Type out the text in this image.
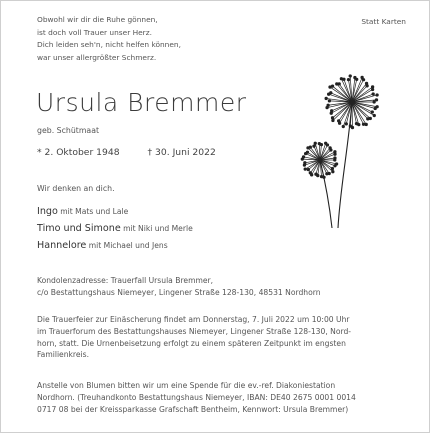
Obwohl wir dir die Ruhe gönnen,
ist doch voll Trauer unser Herz.
Dich leiden seh'n, nicht helfen können,
war unser allergrößter Schmerz.
Statt Karten
Ursula Bremmer
geb. Schütmaat
* 2. Oktober 1948	† 30. Juni 2022
Wir denken an dich.
Ingo mit Mats und Lale
Timo und Simone mit Niki und Merle
Hannelore mit Michael und Jens
Kondolenzadresse: Trauerfall Ursula Bremmer,
c/o Bestattungshaus Niemeyer, Lingener Straße 128-130, 48531 Nordhorn
Die Trauerfeier zur Einäscherung findet am Donnerstag, 7. Juli 2022 um 10:00 Uhr
im Trauerforum des Bestattungshauses Niemeyer, Lingener Straße 128-130, Nord-
horn, statt. Die Urnenbeisetzung erfolgt zu einem späteren Zeitpunkt im engsten
Familienkreis.
Anstelle von Blumen bitten wir um eine Spende für die ev.-ref. Diakoniestation
Nordhorn. (Treuhandkonto Bestattungshaus Niemeyer, IBAN: DE40 2675 0001 0014
0717 08 bei der Kreissparkasse Grafschaft Bentheim, Kennwort: Ursula Bremmer)
